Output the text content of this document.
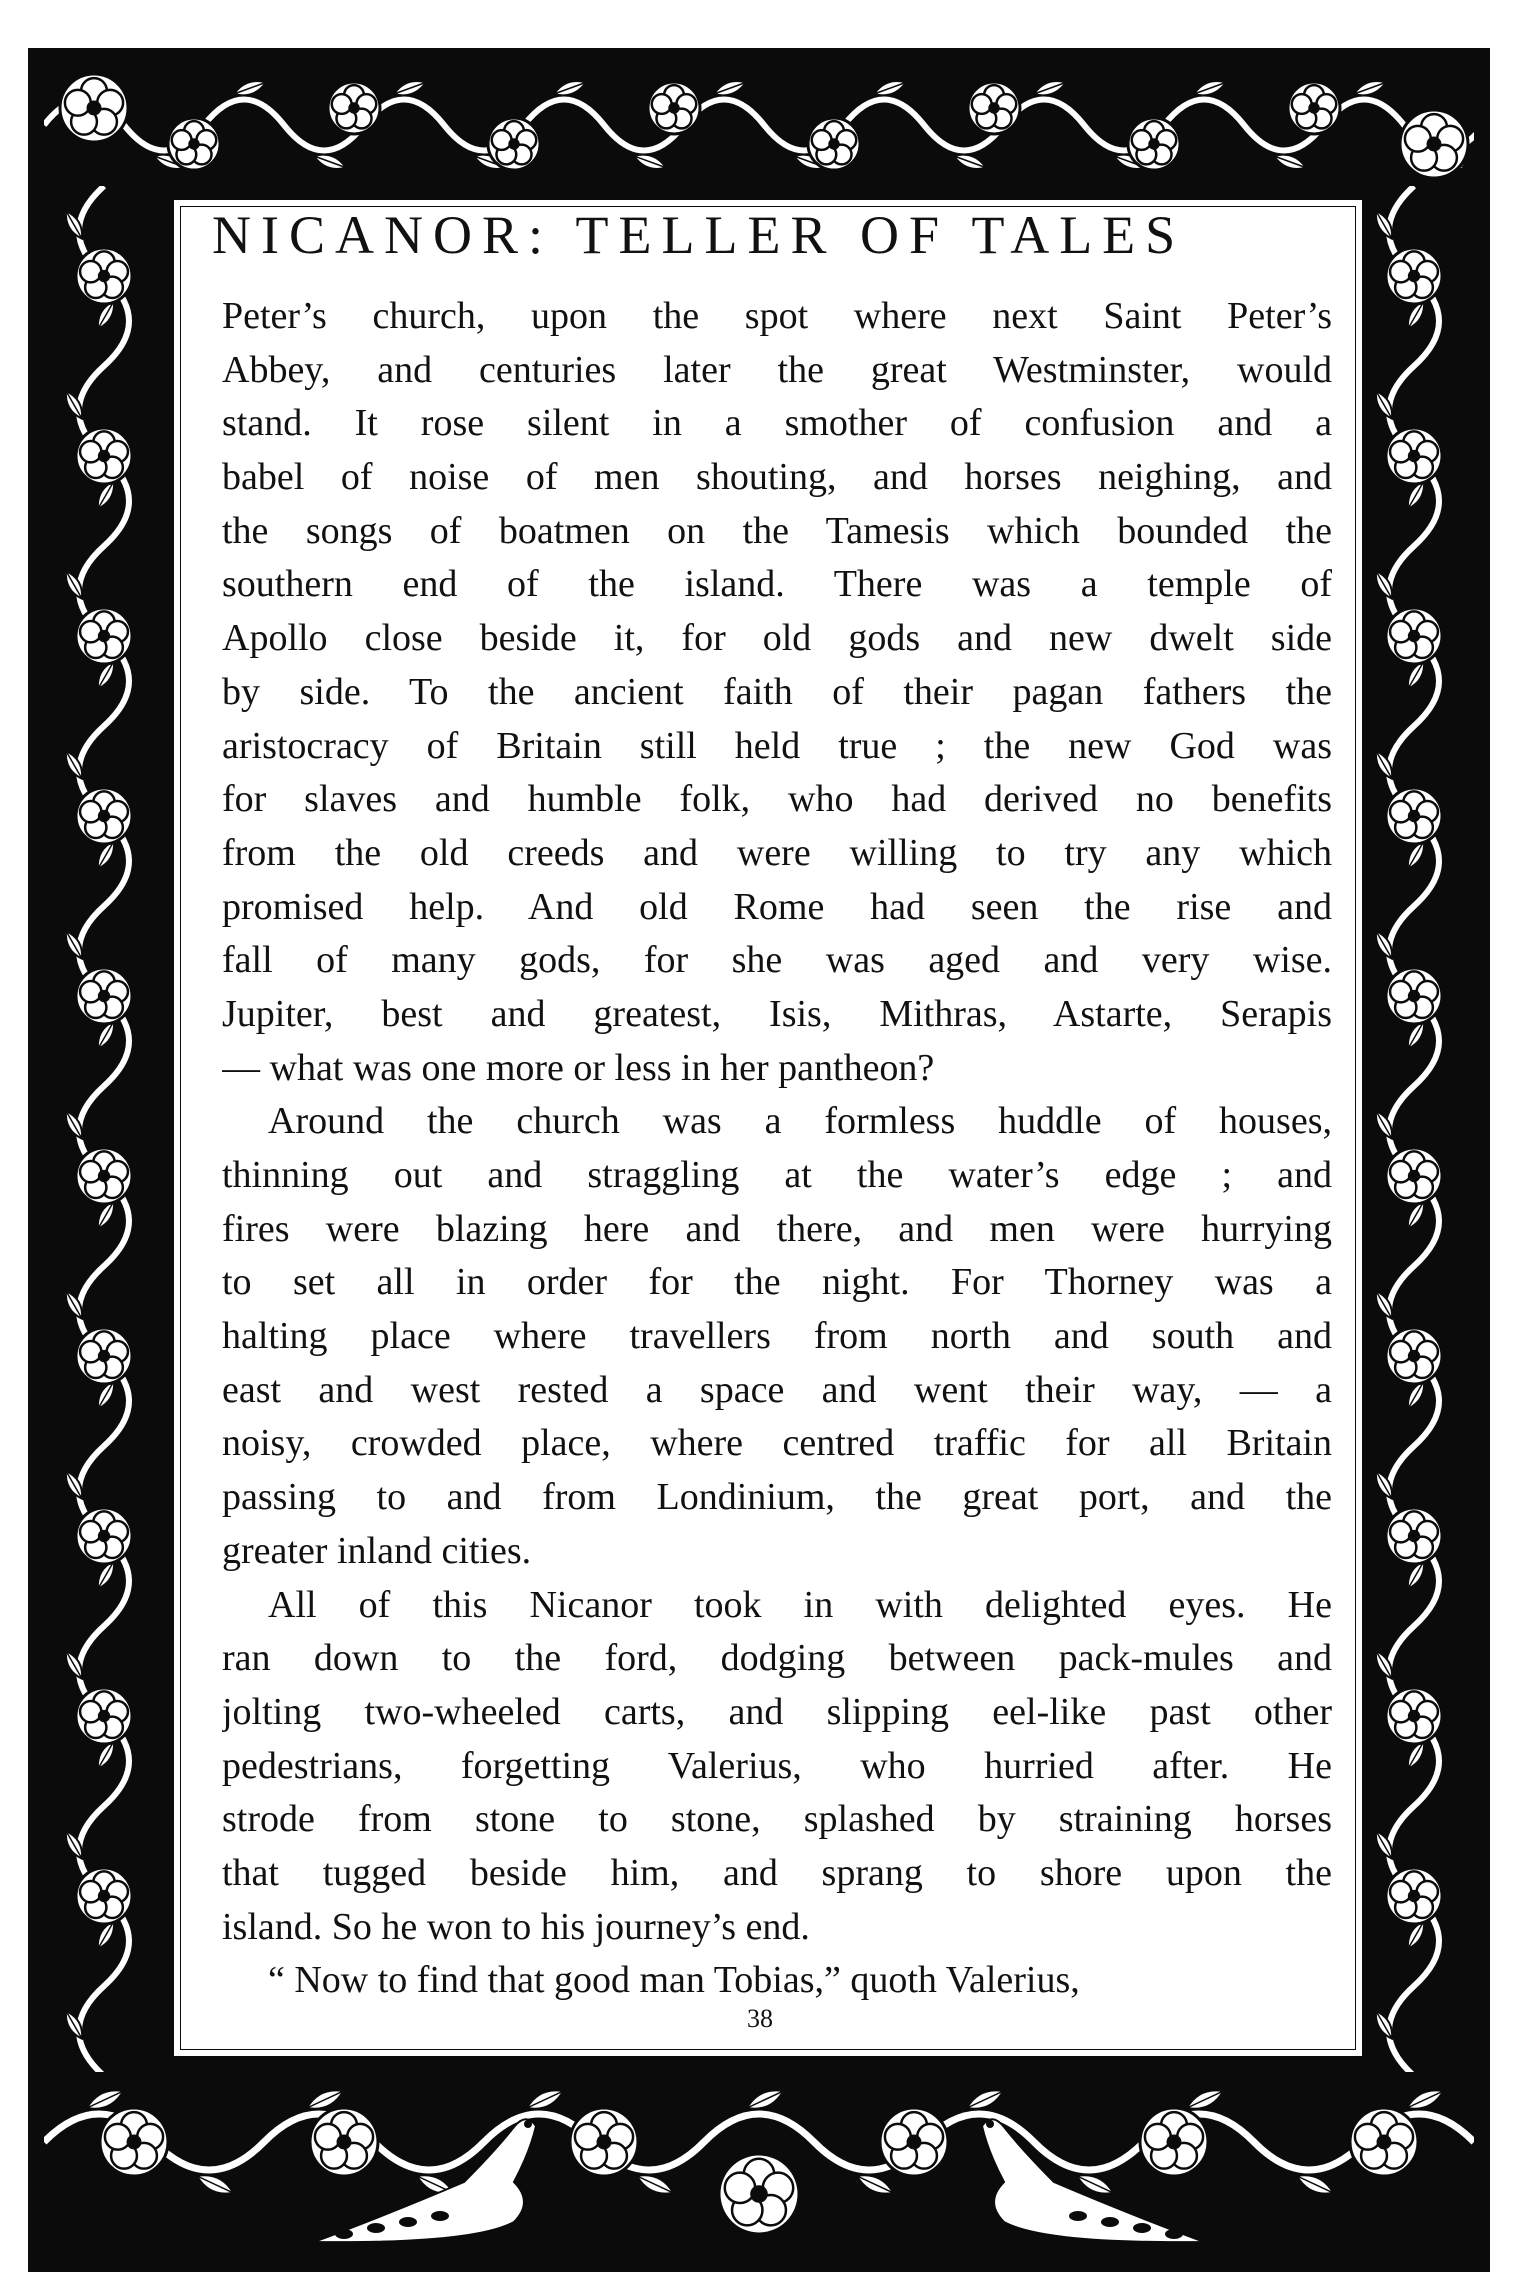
NICANOR: TELLER OF TALES
Peter’s church, upon the spot where next Saint Peter’s
Abbey, and centuries later the great Westminster, would
stand. It rose silent in a smother of confusion and a
babel of noise of men shouting, and horses neighing, and
the songs of boatmen on the Tamesis which bounded the
southern end of the island. There was a temple of
Apollo close beside it, for old gods and new dwelt side
by side. To the ancient faith of their pagan fathers the
aristocracy of Britain still held true ; the new God was
for slaves and humble folk, who had derived no benefits
from the old creeds and were willing to try any which
promised help. And old Rome had seen the rise and
fall of many gods, for she was aged and very wise.
Jupiter, best and greatest, Isis, Mithras, Astarte, Serapis
— what was one more or less in her pantheon?
Around the church was a formless huddle of houses,
thinning out and straggling at the water’s edge ; and
fires were blazing here and there, and men were hurrying
to set all in order for the night. For Thorney was a
halting place where travellers from north and south and
east and west rested a space and went their way, — a
noisy, crowded place, where centred traffic for all Britain
passing to and from Londinium, the great port, and the
greater inland cities.
All of this Nicanor took in with delighted eyes. He
ran down to the ford, dodging between pack-mules and
jolting two-wheeled carts, and slipping eel-like past other
pedestrians, forgetting Valerius, who hurried after. He
strode from stone to stone, splashed by straining horses
that tugged beside him, and sprang to shore upon the
island. So he won to his journey’s end.
“ Now to find that good man Tobias,” quoth Valerius,
38
